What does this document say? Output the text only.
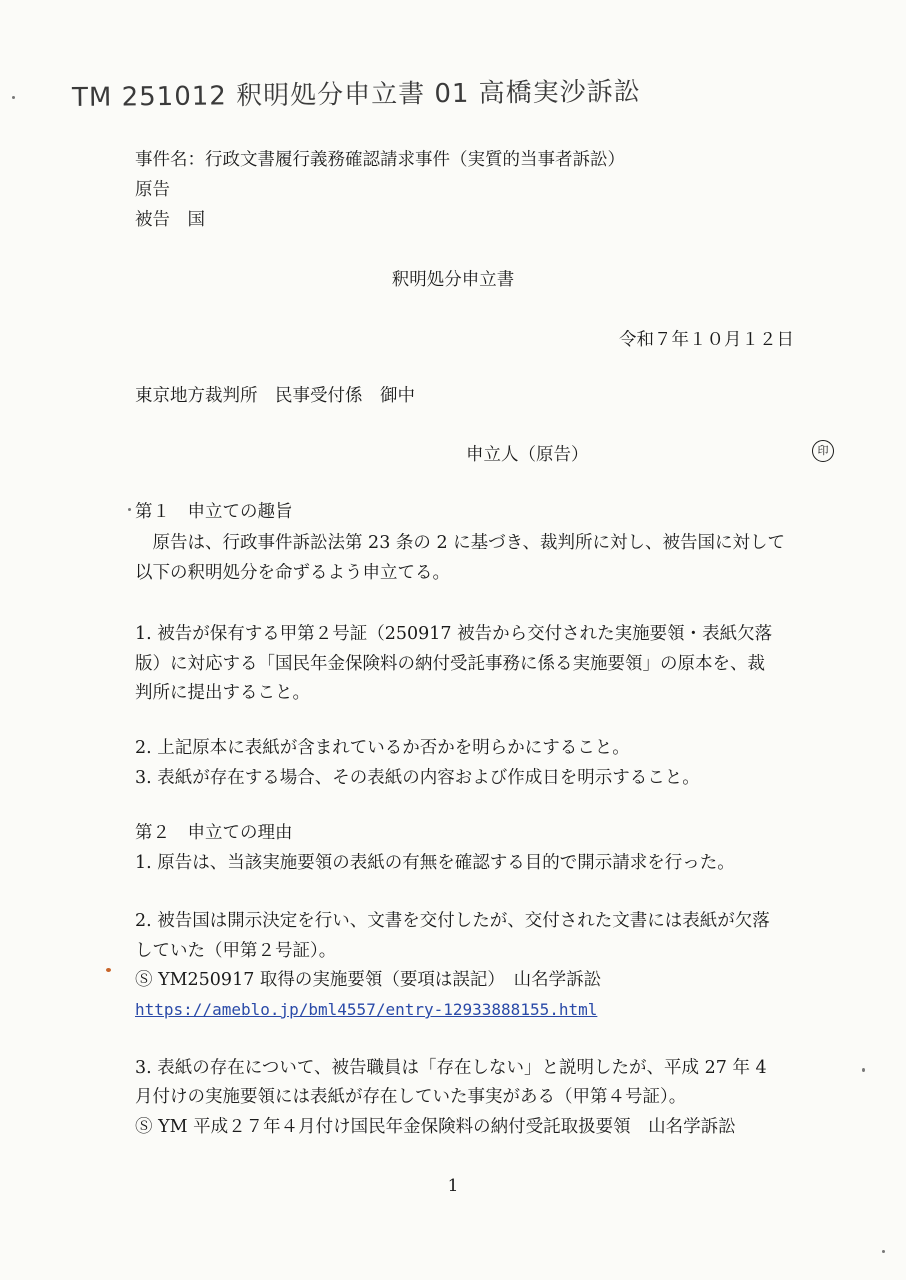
TM 251012 釈明処分申立書 01 高橋実沙訴訟
事件名：行政文書履行義務確認請求事件（実質的当事者訴訟）
原告
被告　国
釈明処分申立書
令和７年１０月１２日
東京地方裁判所　民事受付係　御中
申立人（原告）	印
第１　申立ての趣旨
　原告は、行政事件訴訟法第 23 条の 2 に基づき、裁判所に対し、被告国に対して
以下の釈明処分を命ずるよう申立てる。
1. 被告が保有する甲第２号証（250917 被告から交付された実施要領・表紙欠落
版）に対応する「国民年金保険料の納付受託事務に係る実施要領」の原本を、裁
判所に提出すること。
2. 上記原本に表紙が含まれているか否かを明らかにすること。
3. 表紙が存在する場合、その表紙の内容および作成日を明示すること。
第２　申立ての理由
1. 原告は、当該実施要領の表紙の有無を確認する目的で開示請求を行った。
2. 被告国は開示決定を行い、文書を交付したが、交付された文書には表紙が欠落
していた（甲第２号証）。
Ⓢ YM250917 取得の実施要領（要項は誤記）　山名学訴訟
https://ameblo.jp/bml4557/entry-12933888155.html
3. 表紙の存在について、被告職員は「存在しない」と説明したが、平成 27 年 4
月付けの実施要領には表紙が存在していた事実がある（甲第４号証）。
Ⓢ YM 平成２７年４月付け国民年金保険料の納付受託取扱要領　山名学訴訟
1
